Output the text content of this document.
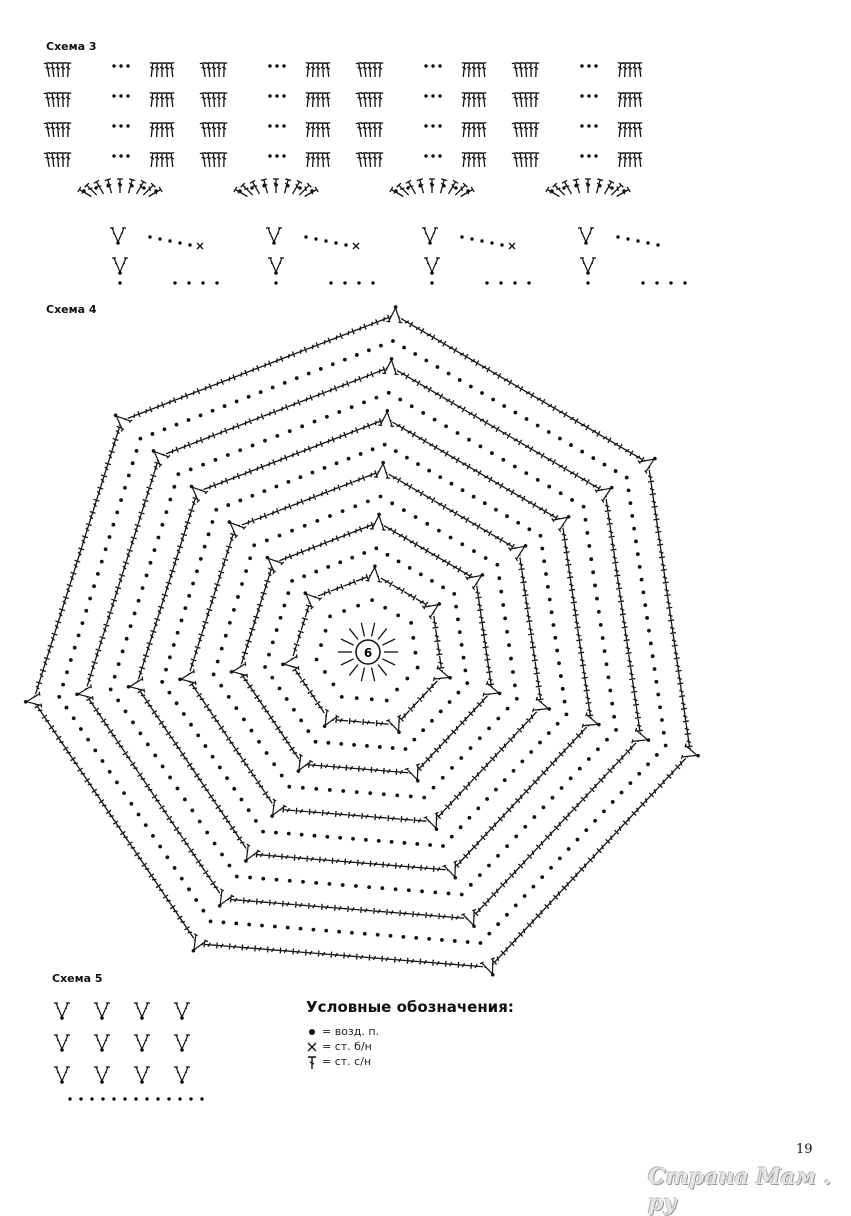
Схема 3
Схема 4
6
Схема 5
Условные обозначения:
= возд. п.
= ст. б/н
= ст. с/н
19
Страна Мам . ру
